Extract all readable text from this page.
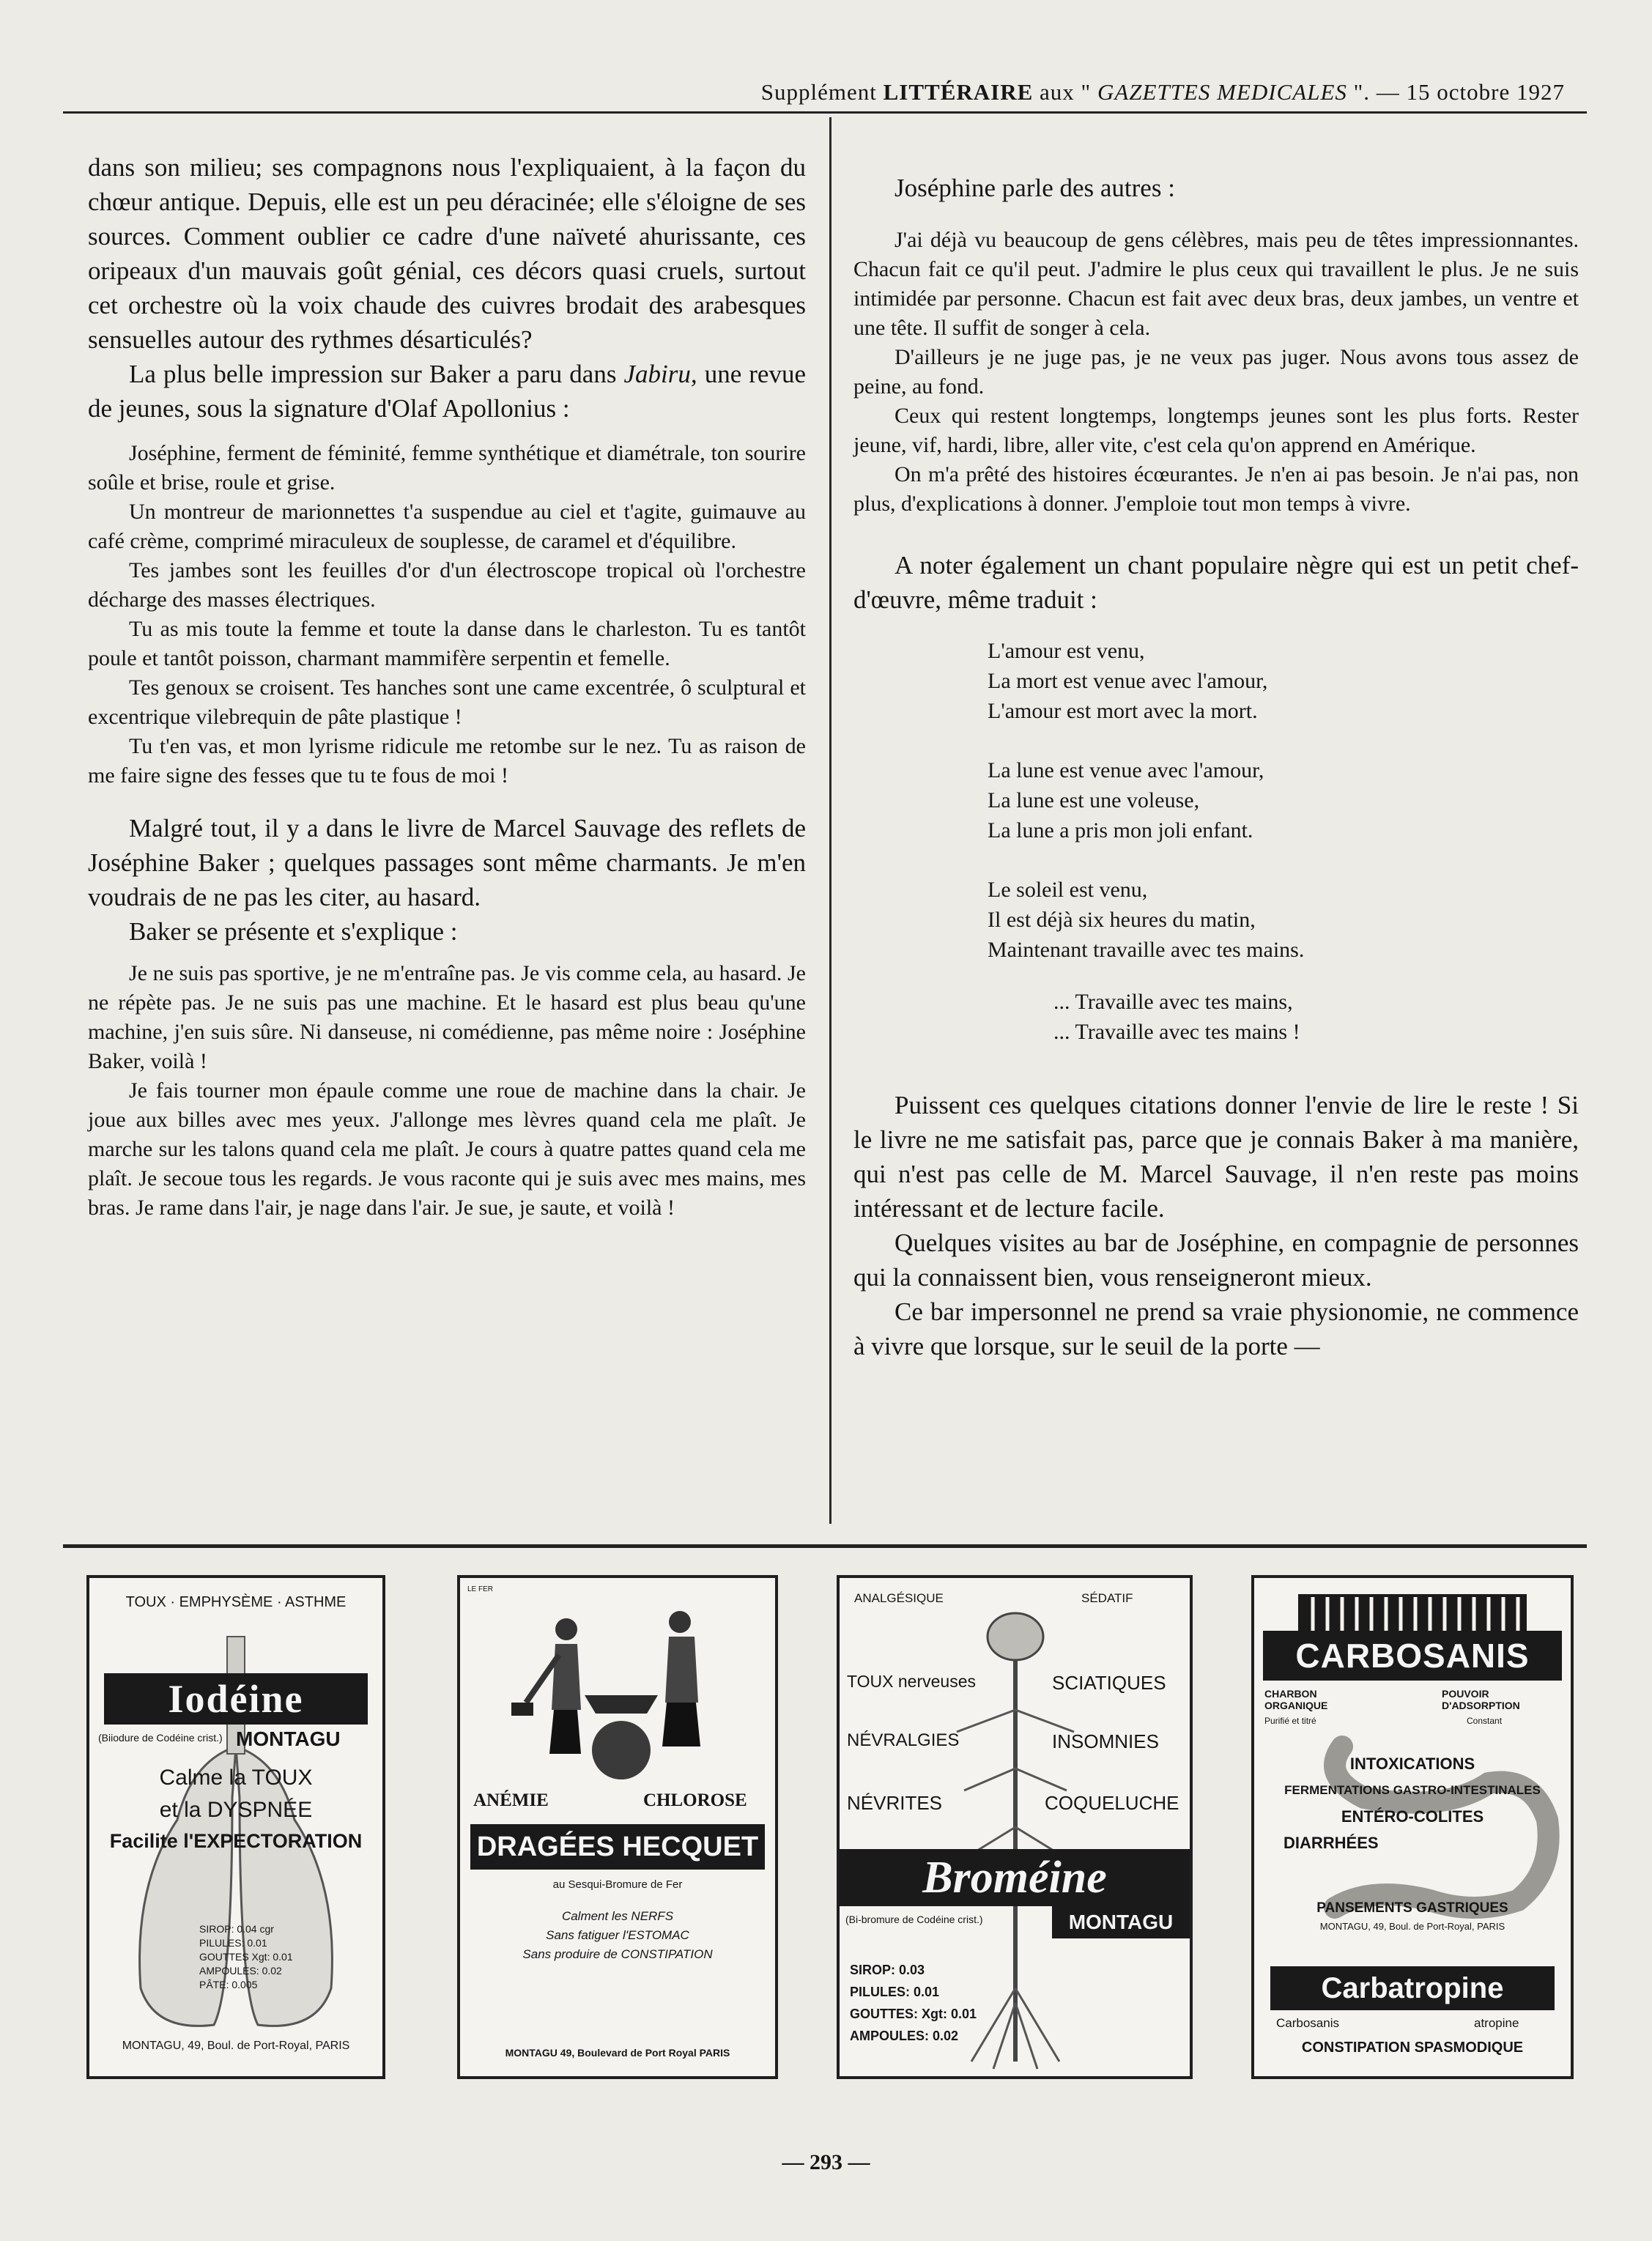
Supplément LITTÉRAIRE aux " GAZETTES MEDICALES ". — 15 octobre 1927

dans son milieu; ses compagnons nous l'expliquaient, à la façon du chœur antique. Depuis, elle est un peu déracinée; elle s'éloigne de ses sources. Comment oublier ce cadre d'une naïveté ahurissante, ces oripeaux d'un mauvais goût génial, ces décors quasi cruels, surtout cet orchestre où la voix chaude des cuivres brodait des arabesques sensuelles autour des rythmes désarticulés?

La plus belle impression sur Baker a paru dans Jabiru, une revue de jeunes, sous la signature d'Olaf Apollonius :

Joséphine, ferment de féminité, femme synthétique et diamétrale, ton sourire soûle et brise, roule et grise.

Un montreur de marionnettes t'a suspendue au ciel et t'agite, guimauve au café crème, comprimé miraculeux de souplesse, de caramel et d'équilibre.

Tes jambes sont les feuilles d'or d'un électroscope tropical où l'orchestre décharge des masses électriques.

Tu as mis toute la femme et toute la danse dans le charleston. Tu es tantôt poule et tantôt poisson, charmant mammifère serpentin et femelle.

Tes genoux se croisent. Tes hanches sont une came excentrée, ô sculptural et excentrique vilebrequin de pâte plastique !

Tu t'en vas, et mon lyrisme ridicule me retombe sur le nez. Tu as raison de me faire signe des fesses que tu te fous de moi !

Malgré tout, il y a dans le livre de Marcel Sauvage des reflets de Joséphine Baker ; quelques passages sont même charmants. Je m'en voudrais de ne pas les citer, au hasard.

Baker se présente et s'explique :

Je ne suis pas sportive, je ne m'entraîne pas. Je vis comme cela, au hasard. Je ne répète pas. Je ne suis pas une machine. Et le hasard est plus beau qu'une machine, j'en suis sûre. Ni danseuse, ni comédienne, pas même noire : Joséphine Baker, voilà !

Je fais tourner mon épaule comme une roue de machine dans la chair. Je joue aux billes avec mes yeux. J'allonge mes lèvres quand cela me plaît. Je marche sur les talons quand cela me plaît. Je cours à quatre pattes quand cela me plaît. Je secoue tous les regards. Je vous raconte qui je suis avec mes mains, mes bras. Je rame dans l'air, je nage dans l'air. Je sue, je saute, et voilà !

Joséphine parle des autres :

J'ai déjà vu beaucoup de gens célèbres, mais peu de têtes impressionnantes. Chacun fait ce qu'il peut. J'admire le plus ceux qui travaillent le plus. Je ne suis intimidée par personne. Chacun est fait avec deux bras, deux jambes, un ventre et une tête. Il suffit de songer à cela.

D'ailleurs je ne juge pas, je ne veux pas juger. Nous avons tous assez de peine, au fond.

Ceux qui restent longtemps, longtemps jeunes sont les plus forts. Rester jeune, vif, hardi, libre, aller vite, c'est cela qu'on apprend en Amérique.

On m'a prêté des histoires écœurantes. Je n'en ai pas besoin. Je n'ai pas, non plus, d'explications à donner. J'emploie tout mon temps à vivre.

A noter également un chant populaire nègre qui est un petit chef-d'œuvre, même traduit :

L'amour est venu,

La mort est venue avec l'amour,

L'amour est mort avec la mort.

La lune est venue avec l'amour,

La lune est une voleuse,

La lune a pris mon joli enfant.

Le soleil est venu,

Il est déjà six heures du matin,

Maintenant travaille avec tes mains.

... Travaille avec tes mains,

... Travaille avec tes mains !

Puissent ces quelques citations donner l'envie de lire le reste ! Si le livre ne me satisfait pas, parce que je connais Baker à ma manière, qui n'est pas celle de M. Marcel Sauvage, il n'en reste pas moins intéressant et de lecture facile.

Quelques visites au bar de Joséphine, en compagnie de personnes qui la connaissent bien, vous renseigneront mieux.

Ce bar impersonnel ne prend sa vraie physionomie, ne commence à vivre que lorsque, sur le seuil de la porte —

TOUX · EMPHYSÈME · ASTHME
Iodéine
(Biiodure de Codéine crist.) MONTAGU
Calme la TOUX
et la DYSPNÉE
Facilite l'EXPECTORATION
SIROP: 0.04 cgr
PILULES: 0.01
GOUTTES Xgt: 0.01
AMPOULES: 0.02
PÂTE: 0.005
MONTAGU, 49, Boul. de Port-Royal, PARIS
LE FER
ANÉMIE	CHLOROSE
DRAGÉES HECQUET
au Sesqui-Bromure de Fer
Calment les NERFS
Sans fatiguer l'ESTOMAC
Sans produire de CONSTIPATION
MONTAGU 49, Boulevard de Port Royal PARIS
ANALGÉSIQUE	SÉDATIF
TOUX nerveuses	SCIATIQUES
NÉVRALGIES	INSOMNIES
NÉVRITES	COQUELUCHE
Broméine
(Bi-bromure de Codéine crist.)	MONTAGU
SIROP: 0.03
PILULES: 0.01
GOUTTES: Xgt: 0.01
AMPOULES: 0.02
CARBOSANIS
CHARBON ORGANIQUE
Purifié et titré
POUVOIR D'ADSORPTION
Constant
INTOXICATIONS
FERMENTATIONS GASTRO-INTESTINALES
ENTÉRO-COLITES
DIARRHÉES
PANSEMENTS GASTRIQUES
MONTAGU, 49, Boul. de Port-Royal, PARIS
Carbatropine
Carbosanis	atropine
CONSTIPATION SPASMODIQUE
— 293 —
